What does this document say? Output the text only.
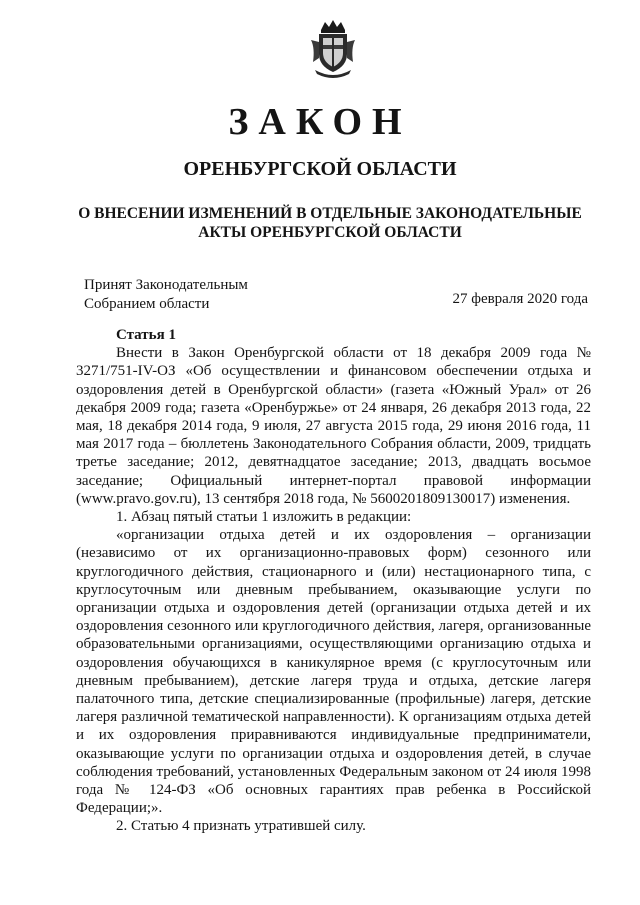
ЗАКОН
ОРЕНБУРГСКОЙ ОБЛАСТИ
О ВНЕСЕНИИ ИЗМЕНЕНИЙ В ОТДЕЛЬНЫЕ ЗАКОНОДАТЕЛЬНЫЕ
АКТЫ ОРЕНБУРГСКОЙ ОБЛАСТИ
Принят Законодательным
Собранием области	27 февраля 2020 года
Статья 1

Внести в Закон Оренбургской области от 18 декабря 2009 года № 3271/751-IV-ОЗ «Об осуществлении и финансовом обеспечении отдыха и оздоровления детей в Оренбургской области» (газета «Южный Урал» от 26 декабря 2009 года; газета «Оренбуржье» от 24 января, 26 декабря 2013 года, 22 мая, 18 декабря 2014 года, 9 июля, 27 августа 2015 года, 29 июня 2016 года, 11 мая 2017 года – бюллетень Законодательного Собрания области, 2009, тридцать третье заседание; 2012, девятнадцатое заседание; 2013, двадцать восьмое заседание; Официальный интернет-портал правовой информации (www.pravo.gov.ru), 13 сентября 2018 года, № 5600201809130017) изменения.

1. Абзац пятый статьи 1 изложить в редакции:

«организации отдыха детей и их оздоровления – организации (независимо от их организационно-правовых форм) сезонного или круглогодичного действия, стационарного и (или) нестационарного типа, с круглосуточным или дневным пребыванием, оказывающие услуги по организации отдыха и оздоровления детей (организации отдыха детей и их оздоровления сезонного или круглогодичного действия, лагеря, организованные образовательными организациями, осуществляющими организацию отдыха и оздоровления обучающихся в каникулярное время (с круглосуточным или дневным пребыванием), детские лагеря труда и отдыха, детские лагеря палаточного типа, детские специализированные (профильные) лагеря, детские лагеря различной тематической направленности). К организациям отдыха детей и их оздоровления приравниваются индивидуальные предприниматели, оказывающие услуги по организации отдыха и оздоровления детей, в случае соблюдения требований, установленных Федеральным законом от 24 июля 1998 года № 124-ФЗ «Об основных гарантиях прав ребенка в Российской Федерации;».

2. Статью 4 признать утратившей силу.
